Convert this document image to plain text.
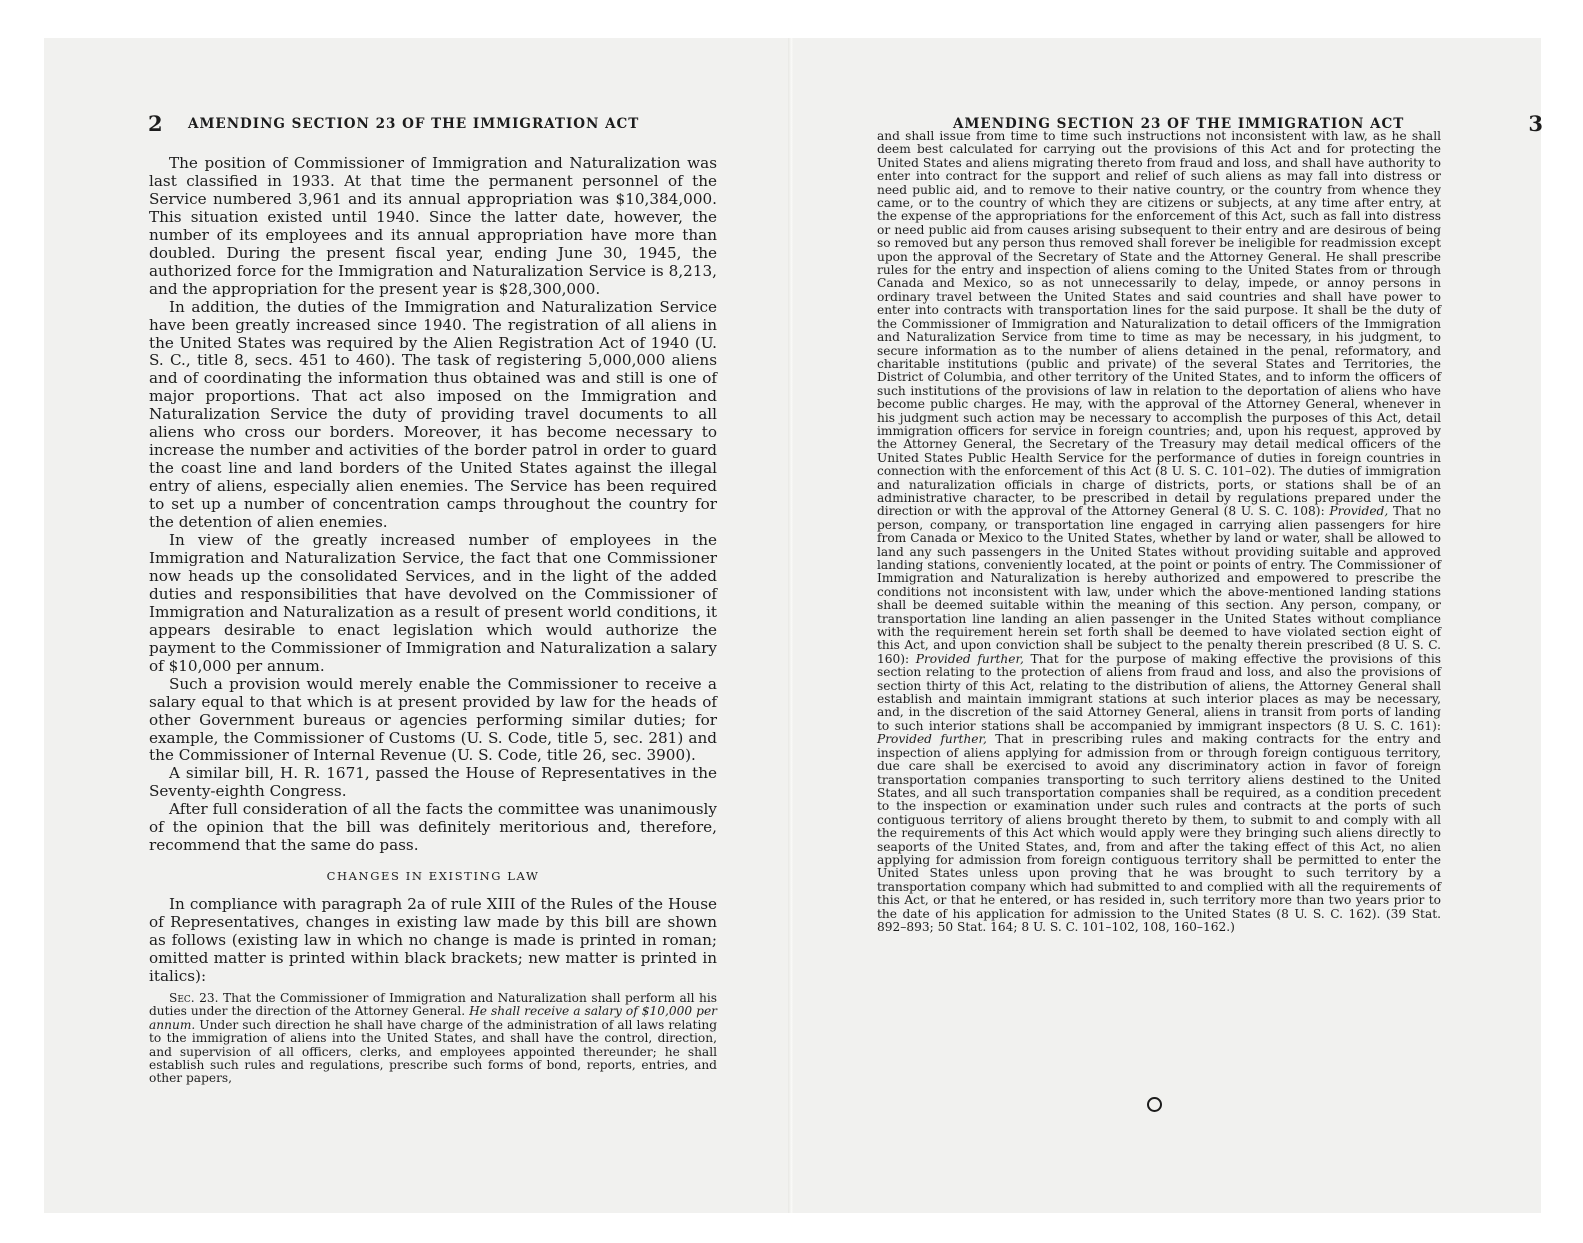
2 AMENDING SECTION 23 OF THE IMMIGRATION ACT

The position of Commissioner of Immigration and Naturalization was last classified in 1933. At that time the permanent personnel of the Service numbered 3,961 and its annual appropriation was $10,384,000. This situation existed until 1940. Since the latter date, however, the number of its employees and its annual appropriation have more than doubled. During the present fiscal year, ending June 30, 1945, the authorized force for the Immigration and Naturalization Service is 8,213, and the appropriation for the present year is $28,300,000.

In addition, the duties of the Immigration and Naturalization Service have been greatly increased since 1940. The registration of all aliens in the United States was required by the Alien Registration Act of 1940 (U. S. C., title 8, secs. 451 to 460). The task of registering 5,000,000 aliens and of coordinating the information thus obtained was and still is one of major proportions. That act also imposed on the Immigration and Naturalization Service the duty of providing travel documents to all aliens who cross our borders. Moreover, it has become necessary to increase the number and activities of the border patrol in order to guard the coast line and land borders of the United States against the illegal entry of aliens, especially alien enemies. The Service has been required to set up a number of concentration camps throughout the country for the detention of alien enemies.

In view of the greatly increased number of employees in the Immigration and Naturalization Service, the fact that one Commissioner now heads up the consolidated Services, and in the light of the added duties and responsibilities that have devolved on the Commissioner of Immigration and Naturalization as a result of present world conditions, it appears desirable to enact legislation which would authorize the payment to the Commissioner of Immigration and Naturalization a salary of $10,000 per annum.

Such a provision would merely enable the Commissioner to receive a salary equal to that which is at present provided by law for the heads of other Government bureaus or agencies performing similar duties; for example, the Commissioner of Customs (U. S. Code, title 5, sec. 281) and the Commissioner of Internal Revenue (U. S. Code, title 26, sec. 3900).

A similar bill, H. R. 1671, passed the House of Representatives in the Seventy-eighth Congress.

After full consideration of all the facts the committee was unanimously of the opinion that the bill was definitely meritorious and, therefore, recommend that the same do pass.

CHANGES IN EXISTING LAW

In compliance with paragraph 2a of rule XIII of the Rules of the House of Representatives, changes in existing law made by this bill are shown as follows (existing law in which no change is made is printed in roman; omitted matter is printed within black brackets; new matter is printed in italics):

Sec. 23. That the Commissioner of Immigration and Naturalization shall perform all his duties under the direction of the Attorney General. He shall receive a salary of $10,000 per annum. Under such direction he shall have charge of the administration of all laws relating to the immigration of aliens into the United States, and shall have the control, direction, and supervision of all officers, clerks, and employees appointed thereunder; he shall establish such rules and regulations, prescribe such forms of bond, reports, entries, and other papers,

AMENDING SECTION 23 OF THE IMMIGRATION ACT	3

and shall issue from time to time such instructions not inconsistent with law, as he shall deem best calculated for carrying out the provisions of this Act and for protecting the United States and aliens migrating thereto from fraud and loss, and shall have authority to enter into contract for the support and relief of such aliens as may fall into distress or need public aid, and to remove to their native country, or the country from whence they came, or to the country of which they are citizens or subjects, at any time after entry, at the expense of the appropriations for the enforcement of this Act, such as fall into distress or need public aid from causes arising subsequent to their entry and are desirous of being so removed but any person thus removed shall forever be ineligible for readmission except upon the approval of the Secretary of State and the Attorney General. He shall prescribe rules for the entry and inspection of aliens coming to the United States from or through Canada and Mexico, so as not unnecessarily to delay, impede, or annoy persons in ordinary travel between the United States and said countries and shall have power to enter into contracts with transportation lines for the said purpose. It shall be the duty of the Commissioner of Immigration and Naturalization to detail officers of the Immigration and Naturalization Service from time to time as may be necessary, in his judgment, to secure information as to the number of aliens detained in the penal, reformatory, and charitable institutions (public and private) of the several States and Territories, the District of Columbia, and other territory of the United States, and to inform the officers of such institutions of the provisions of law in relation to the deportation of aliens who have become public charges. He may, with the approval of the Attorney General, whenever in his judgment such action may be necessary to accomplish the purposes of this Act, detail immigration officers for service in foreign countries; and, upon his request, approved by the Attorney General, the Secretary of the Treasury may detail medical officers of the United States Public Health Service for the performance of duties in foreign countries in connection with the enforcement of this Act (8 U. S. C. 101–02). The duties of immigration and naturalization officials in charge of districts, ports, or stations shall be of an administrative character, to be prescribed in detail by regulations prepared under the direction or with the approval of the Attorney General (8 U. S. C. 108): Provided, That no person, company, or transportation line engaged in carrying alien passengers for hire from Canada or Mexico to the United States, whether by land or water, shall be allowed to land any such passengers in the United States without providing suitable and approved landing stations, conveniently located, at the point or points of entry. The Commissioner of Immigration and Naturalization is hereby authorized and empowered to prescribe the conditions not inconsistent with law, under which the above-mentioned landing stations shall be deemed suitable within the meaning of this section. Any person, company, or transportation line landing an alien passenger in the United States without compliance with the requirement herein set forth shall be deemed to have violated section eight of this Act, and upon conviction shall be subject to the penalty therein prescribed (8 U. S. C. 160): Provided further, That for the purpose of making effective the provisions of this section relating to the protection of aliens from fraud and loss, and also the provisions of section thirty of this Act, relating to the distribution of aliens, the Attorney General shall establish and maintain immigrant stations at such interior places as may be necessary, and, in the discretion of the said Attorney General, aliens in transit from ports of landing to such interior stations shall be accompanied by immigrant inspectors (8 U. S. C. 161): Provided further, That in prescribing rules and making contracts for the entry and inspection of aliens applying for admission from or through foreign contiguous territory, due care shall be exercised to avoid any discriminatory action in favor of foreign transportation companies transporting to such territory aliens destined to the United States, and all such transportation companies shall be required, as a condition precedent to the inspection or examination under such rules and contracts at the ports of such contiguous territory of aliens brought thereto by them, to submit to and comply with all the requirements of this Act which would apply were they bringing such aliens directly to seaports of the United States, and, from and after the taking effect of this Act, no alien applying for admission from foreign contiguous territory shall be permitted to enter the United States unless upon proving that he was brought to such territory by a transportation company which had submitted to and complied with all the requirements of this Act, or that he entered, or has resided in, such territory more than two years prior to the date of his application for admission to the United States (8 U. S. C. 162). (39 Stat. 892–893; 50 Stat. 164; 8 U. S. C. 101–102, 108, 160–162.)
